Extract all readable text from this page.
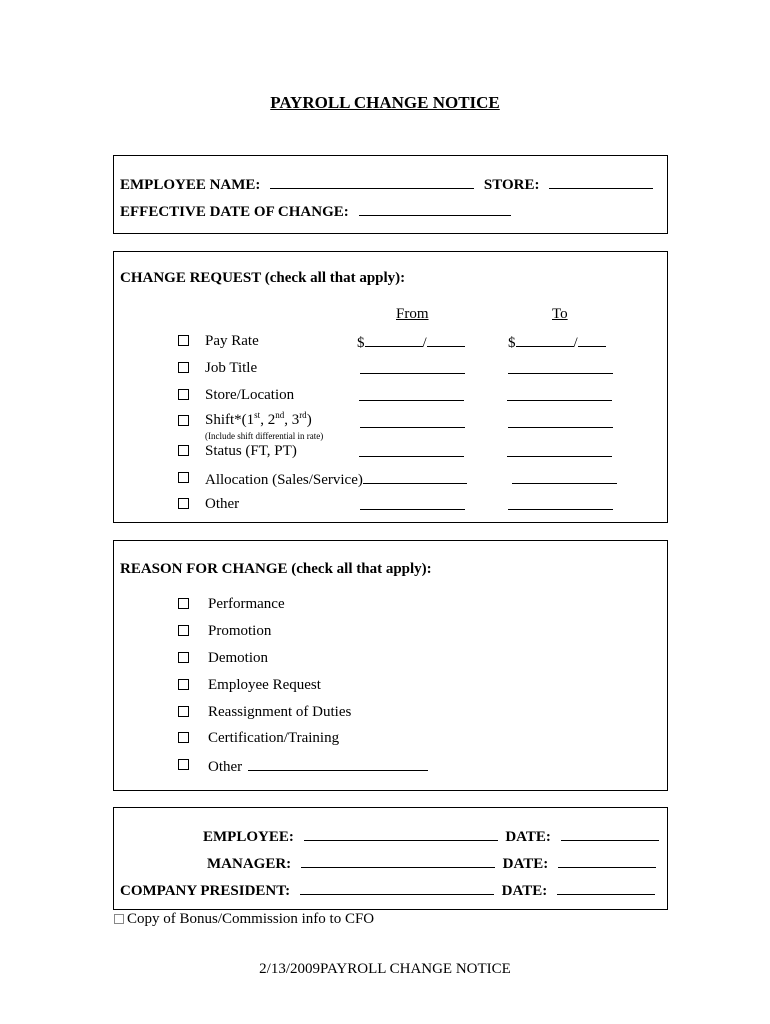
PAYROLL CHANGE NOTICE
EMPLOYEE NAME:	STORE:
EFFECTIVE DATE OF CHANGE:
CHANGE REQUEST (check all that apply):
From	To
Pay Rate	$	/	$	/
Job Title
Store/Location
Shift*(1st, 2nd, 3rd)
(Include shift differential in rate)
Status (FT, PT)
Allocation (Sales/Service)
Other
REASON FOR CHANGE (check all that apply):
Performance
Promotion
Demotion
Employee Request
Reassignment of Duties
Certification/Training
Other
EMPLOYEE:	DATE:
MANAGER:	DATE:
COMPANY PRESIDENT:	DATE:
Copy of Bonus/Commission info to CFO
2/13/2009PAYROLL CHANGE NOTICE
